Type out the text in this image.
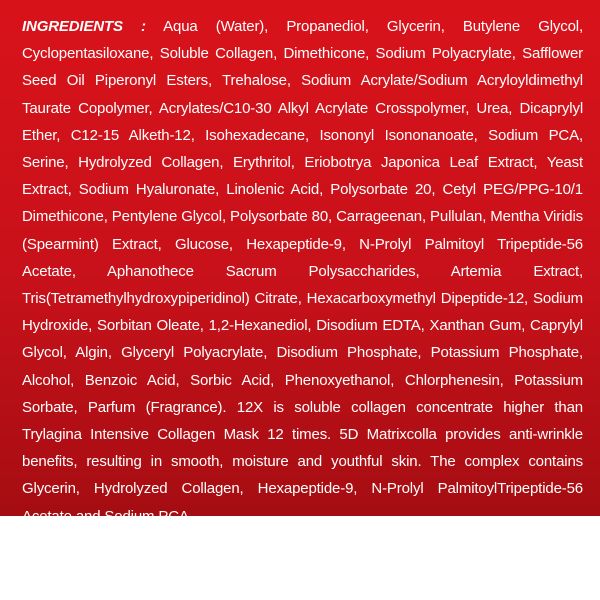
INGREDIENTS : Aqua (Water), Propanediol, Glycerin, Butylene Glycol, Cyclopentasiloxane, Soluble Collagen, Dimethicone, Sodium Polyacrylate, Safflower Seed Oil Piperonyl Esters, Trehalose, Sodium Acrylate/Sodium Acryloyldimethyl Taurate Copolymer, Acrylates/C10-30 Alkyl Acrylate Crosspolymer, Urea, Dicaprylyl Ether, C12-15 Alketh-12, Isohexadecane, Isononyl Isononanoate, Sodium PCA, Serine, Hydrolyzed Collagen, Erythritol, Eriobotrya Japonica Leaf Extract, Yeast Extract, Sodium Hyaluronate, Linolenic Acid, Polysorbate 20, Cetyl PEG/PPG-10/1 Dimethicone, Pentylene Glycol, Polysorbate 80, Carrageenan, Pullulan, Mentha Viridis (Spearmint) Extract, Glucose, Hexapeptide-9, N-Prolyl Palmitoyl Tripeptide-56 Acetate, Aphanothece Sacrum Polysaccharides, Artemia Extract, Tris(Tetramethylhydroxypiperidinol) Citrate, Hexacarboxymethyl Dipeptide-12, Sodium Hydroxide, Sorbitan Oleate, 1,2-Hexanediol, Disodium EDTA, Xanthan Gum, Caprylyl Glycol, Algin, Glyceryl Polyacrylate, Disodium Phosphate, Potassium Phosphate, Alcohol, Benzoic Acid, Sorbic Acid, Phenoxyethanol, Chlorphenesin, Potassium Sorbate, Parfum (Fragrance). 12X is soluble collagen concentrate higher than Trylagina Intensive Collagen Mask 12 times. 5D Matrixcolla provides anti-wrinkle benefits, resulting in smooth, moisture and youthful skin. The complex contains Glycerin, Hydrolyzed Collagen, Hexapeptide-9, N-Prolyl PalmitoylTripeptide-56
